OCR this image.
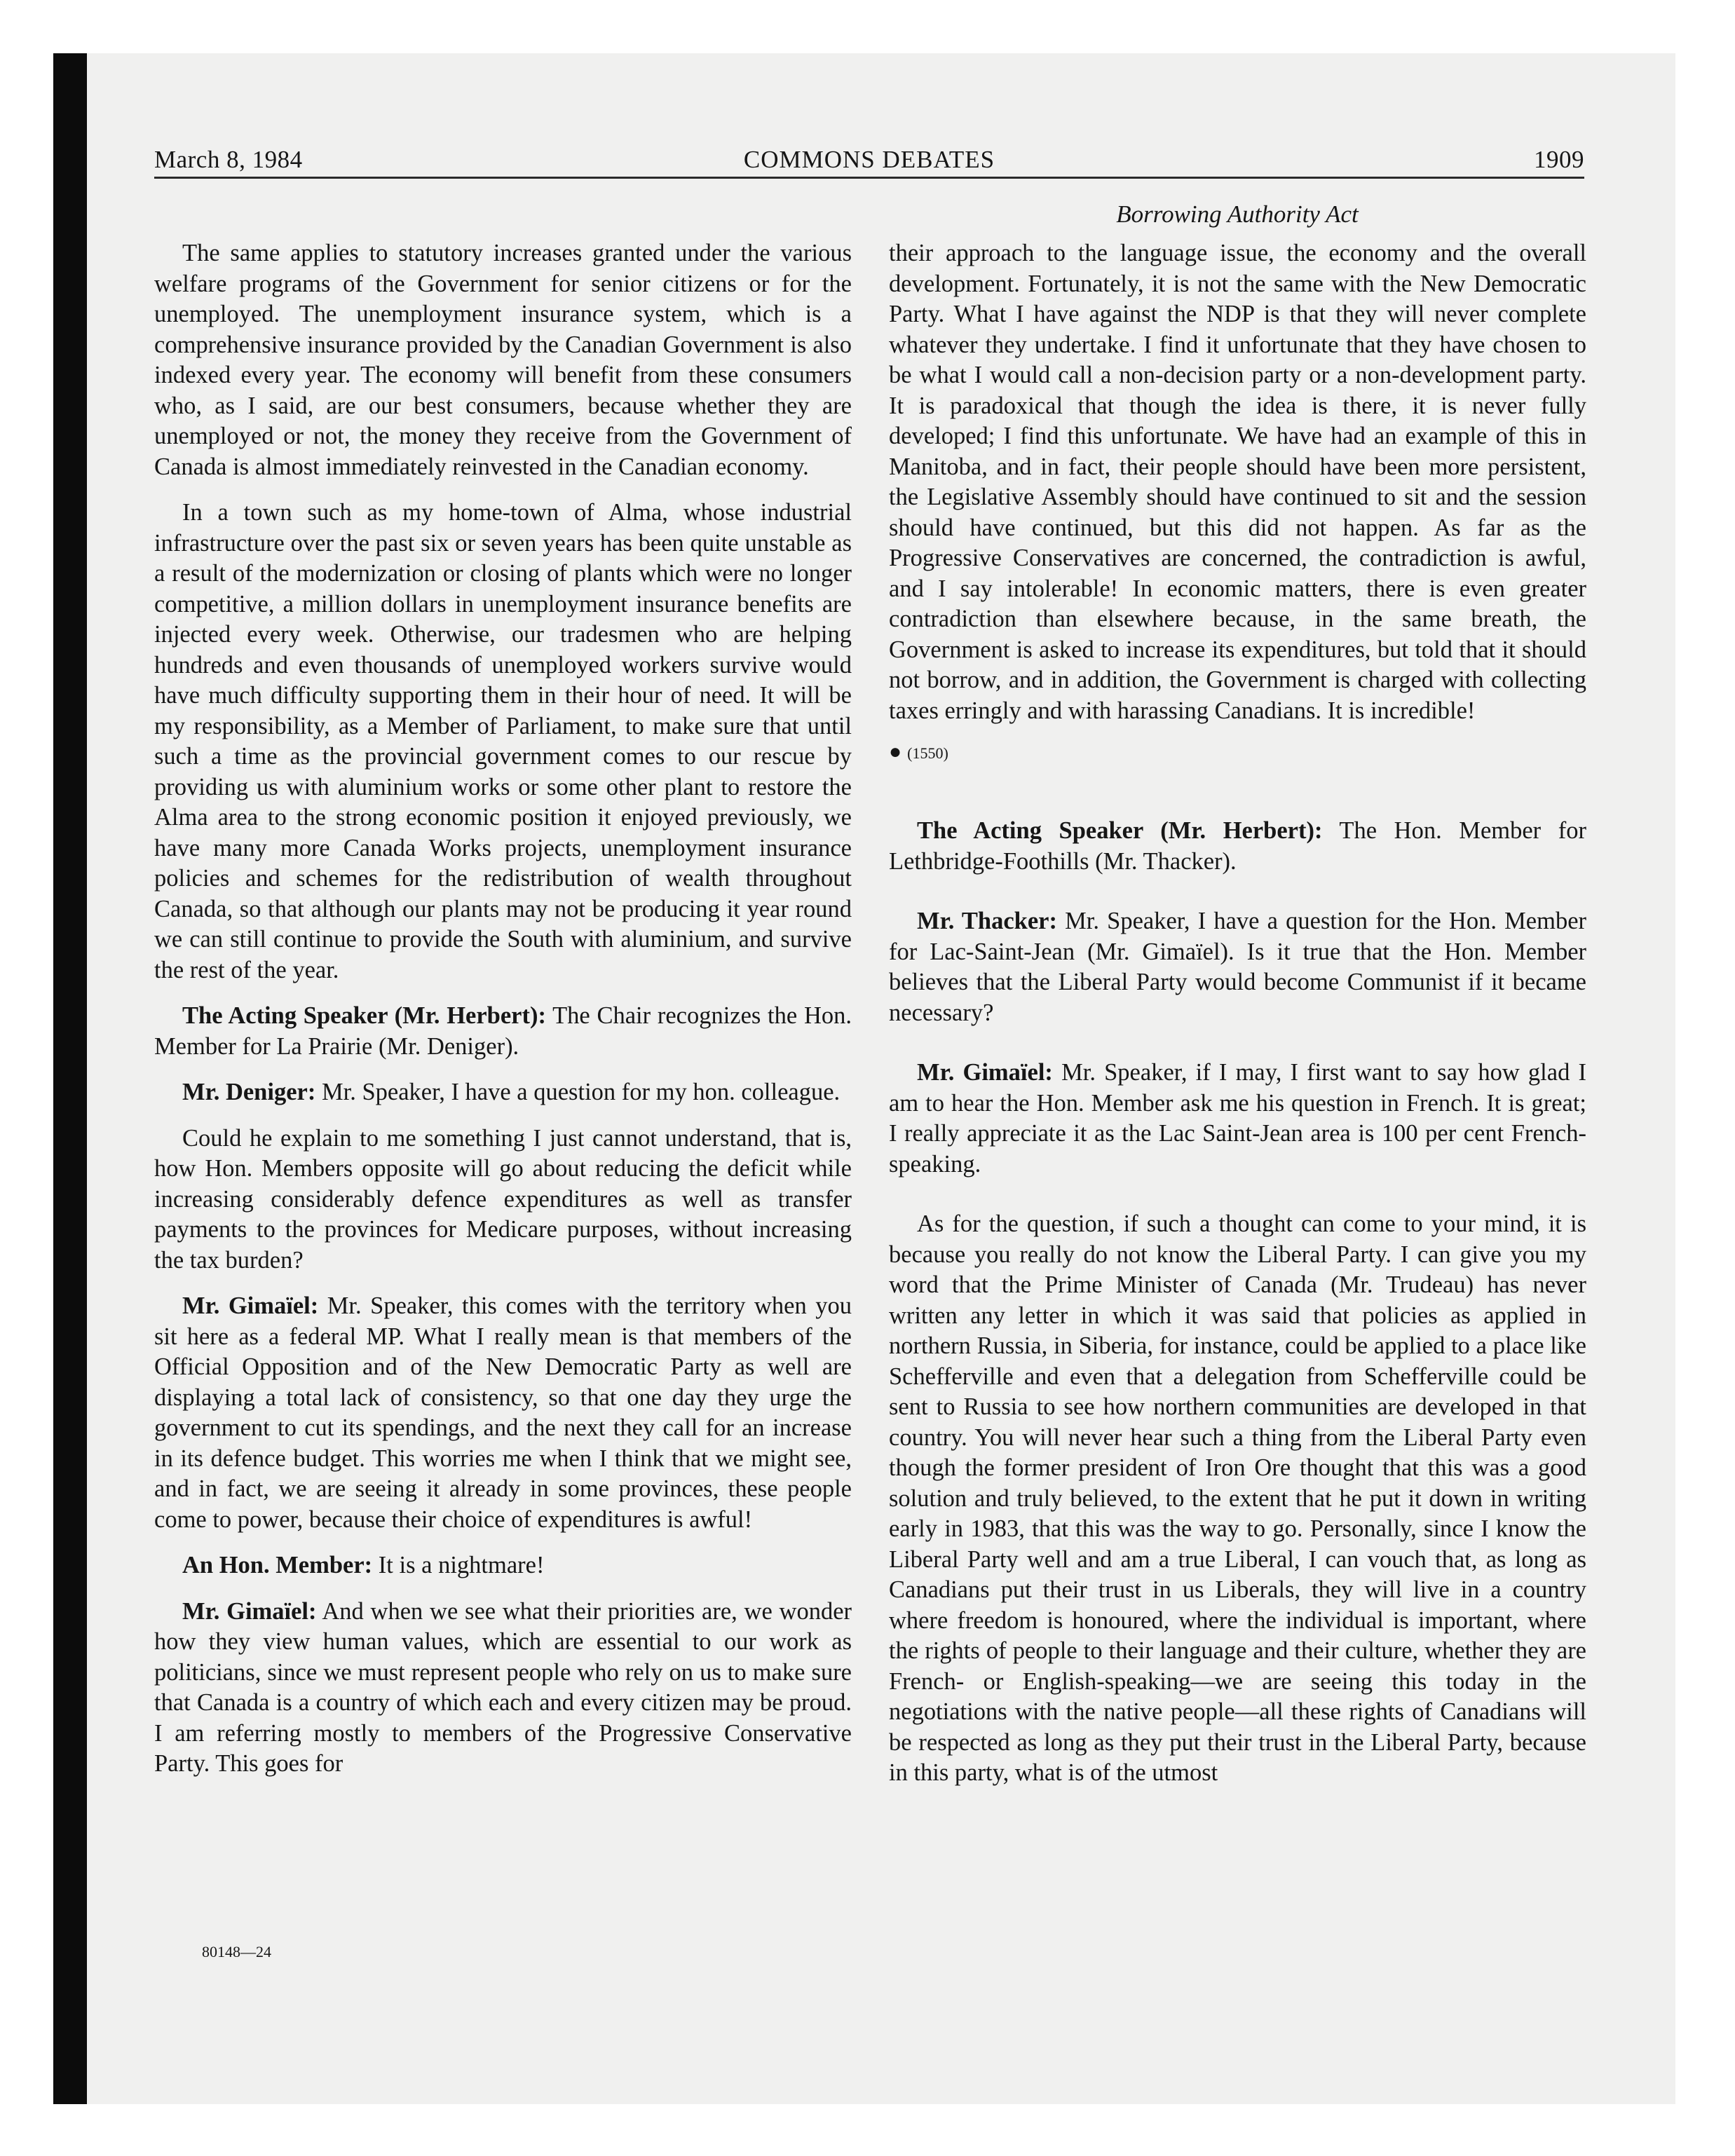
March 8, 1984	COMMONS DEBATES	1909
Borrowing Authority Act

The same applies to statutory increases granted under the various welfare programs of the Government for senior citizens or for the unemployed. The unemployment insurance system, which is a comprehensive insurance provided by the Canadian Government is also indexed every year. The economy will benefit from these consumers who, as I said, are our best consumers, because whether they are unemployed or not, the money they receive from the Government of Canada is almost immediately reinvested in the Canadian economy.

In a town such as my home-town of Alma, whose industrial infrastructure over the past six or seven years has been quite unstable as a result of the modernization or closing of plants which were no longer competitive, a million dollars in unemployment insurance benefits are injected every week. Otherwise, our tradesmen who are helping hundreds and even thousands of unemployed workers survive would have much difficulty supporting them in their hour of need. It will be my responsibility, as a Member of Parliament, to make sure that until such a time as the provincial government comes to our rescue by providing us with aluminium works or some other plant to restore the Alma area to the strong economic position it enjoyed previously, we have many more Canada Works projects, unemployment insurance policies and schemes for the redistribution of wealth throughout Canada, so that although our plants may not be producing it year round we can still continue to provide the South with aluminium, and survive the rest of the year.

The Acting Speaker (Mr. Herbert): The Chair recognizes the Hon. Member for La Prairie (Mr. Deniger).

Mr. Deniger: Mr. Speaker, I have a question for my hon. colleague.

Could he explain to me something I just cannot understand, that is, how Hon. Members opposite will go about reducing the deficit while increasing considerably defence expenditures as well as transfer payments to the provinces for Medicare purposes, without increasing the tax burden?

Mr. Gimaïel: Mr. Speaker, this comes with the territory when you sit here as a federal MP. What I really mean is that members of the Official Opposition and of the New Democratic Party as well are displaying a total lack of consistency, so that one day they urge the government to cut its spendings, and the next they call for an increase in its defence budget. This worries me when I think that we might see, and in fact, we are seeing it already in some provinces, these people come to power, because their choice of expenditures is awful!

An Hon. Member: It is a nightmare!

Mr. Gimaïel: And when we see what their priorities are, we wonder how they view human values, which are essential to our work as politicians, since we must represent people who rely on us to make sure that Canada is a country of which each and every citizen may be proud. I am referring mostly to members of the Progressive Conservative Party. This goes for

their approach to the language issue, the economy and the overall development. Fortunately, it is not the same with the New Democratic Party. What I have against the NDP is that they will never complete whatever they undertake. I find it unfortunate that they have chosen to be what I would call a non-decision party or a non-development party. It is paradoxical that though the idea is there, it is never fully developed; I find this unfortunate. We have had an example of this in Manitoba, and in fact, their people should have been more persistent, the Legislative Assembly should have continued to sit and the session should have continued, but this did not happen. As far as the Progressive Conservatives are concerned, the contradiction is awful, and I say intolerable! In economic matters, there is even greater contradiction than elsewhere because, in the same breath, the Government is asked to increase its expenditures, but told that it should not borrow, and in addition, the Government is charged with collecting taxes erringly and with harassing Canadians. It is incredible!

● (1550)

The Acting Speaker (Mr. Herbert): The Hon. Member for Lethbridge-Foothills (Mr. Thacker).

Mr. Thacker: Mr. Speaker, I have a question for the Hon. Member for Lac-Saint-Jean (Mr. Gimaïel). Is it true that the Hon. Member believes that the Liberal Party would become Communist if it became necessary?

Mr. Gimaïel: Mr. Speaker, if I may, I first want to say how glad I am to hear the Hon. Member ask me his question in French. It is great; I really appreciate it as the Lac Saint-Jean area is 100 per cent French-speaking.

As for the question, if such a thought can come to your mind, it is because you really do not know the Liberal Party. I can give you my word that the Prime Minister of Canada (Mr. Trudeau) has never written any letter in which it was said that policies as applied in northern Russia, in Siberia, for instance, could be applied to a place like Schefferville and even that a delegation from Schefferville could be sent to Russia to see how northern communities are developed in that country. You will never hear such a thing from the Liberal Party even though the former president of Iron Ore thought that this was a good solution and truly believed, to the extent that he put it down in writing early in 1983, that this was the way to go. Personally, since I know the Liberal Party well and am a true Liberal, I can vouch that, as long as Canadians put their trust in us Liberals, they will live in a country where freedom is honoured, where the individual is important, where the rights of people to their language and their culture, whether they are French- or English-speaking—we are seeing this today in the negotiations with the native people—all these rights of Canadians will be respected as long as they put their trust in the Liberal Party, because in this party, what is of the utmost

80148—24
